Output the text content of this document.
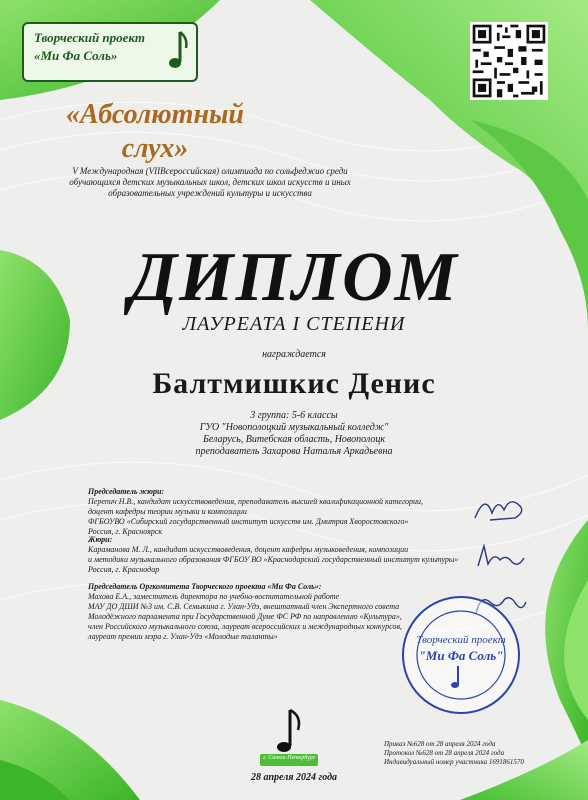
Творческий проект
«Ми Фа Соль»
«Абсолютный слух»
V Международная (VIIВсероссийская) олимпиада по сольфеджио среди обучающихся детских музыкальных школ, детских школ искусств и иных образовательных учреждений культуры и искусства
ДИПЛОМ
ЛАУРЕАТА I СТЕПЕНИ
награждается
Балтмишкис Денис
3 группа: 5-6 классы
ГУО "Новополоцкий музыкальный колледж"
Беларусь, Витебская область, Новополоцк
преподаватель Захарова Наталья Аркадьевна
Председатель жюри:
Перепич Н.В., кандидат искусствоведения, преподаватель высшей квалификационной категории,
доцент кафедры теории музыки и композиции
ФГБОУВО «Сибирский государственный институт искусств им. Дмитрия Хворостовского»
Россия, г. Красноярск
Жюри:
Караманова М. Л., кандидат искусствоведения, доцент кафедры музыковедения, композиции
и методики музыкального образования ФГБОУ ВО «Краснодарский государственный институт культуры»
Россия, г. Краснодар
Председатель Оргкомитета Творческого проекта «Ми Фа Соль»:
Махова Е.А., заместитель директора по учебно-воспитательной работе
МАУ ДО ДШИ №3 им. С.В. Семыкина г. Улан-Удэ, внештатный член Экспертного совета
Молодёжного парламента при Государственной Думе ФС РФ по направлению «Культура»,
член Российского музыкального союза, лауреат всероссийских и международных конкурсов,
лауреат премии мэра г. Улан-Удэ «Молодые таланты»	Творческий проект
"Ми Фа Соль"
г. Санкт-Петербург
Приказ №628 от 28 апреля 2024 года
Протокол №628 от 28 апреля 2024 года
Индивидуальный номер участника 1691861570
28 апреля 2024 года
